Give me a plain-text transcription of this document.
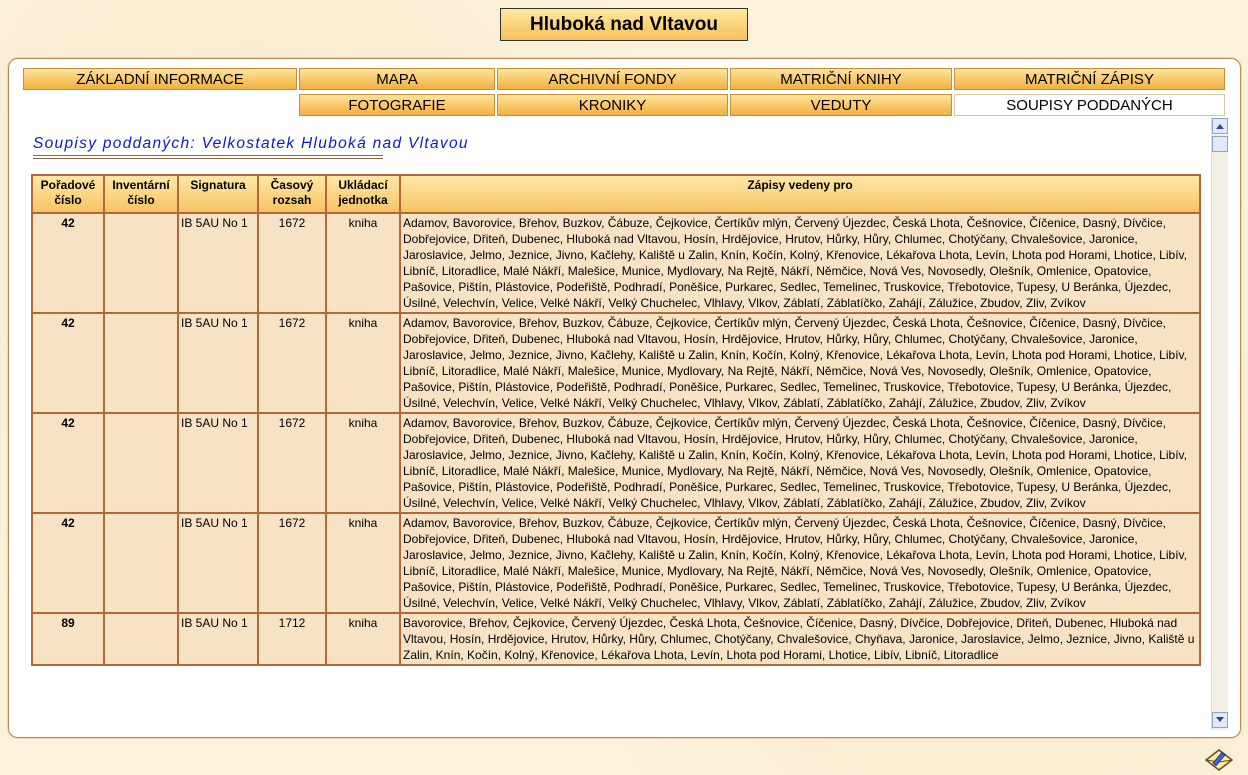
Hluboká nad Vltavou
ZÁKLADNÍ INFORMACE	MAPA	ARCHIVNÍ FONDY	MATRIČNÍ KNIHY	MATRIČNÍ ZÁPISY
FOTOGRAFIE	KRONIKY	VEDUTY	SOUPISY PODDANÝCH
Soupisy poddaných: Velkostatek Hluboká nad Vltavou
Pořadové číslo	Inventární číslo	Signatura	Časový rozsah	Ukládací jednotka	Zápisy vedeny pro
42		IB 5AU No 1	1672	kniha	Adamov, Bavorovice, Břehov, Buzkov, Čábuze, Čejkovice, Čertíkův mlýn, Červený Újezdec, Česká Lhota, Češnovice, Číčenice, Dasný, Dívčice, Dobřejovice, Dřiteň, Dubenec, Hluboká nad Vltavou, Hosín, Hrdějovice, Hrutov, Hůrky, Hůry, Chlumec, Chotýčany, Chvalešovice, Jaronice, Jaroslavice, Jelmo, Jeznice, Jivno, Kačlehy, Kaliště u Zalin, Knín, Kočín, Kolný, Křenovice, Lékařova Lhota, Levín, Lhota pod Horami, Lhotice, Libív, Libníč, Litoradlice, Malé Nákří, Malešice, Munice, Mydlovary, Na Rejtě, Nákří, Němčice, Nová Ves, Novosedly, Olešník, Omlenice, Opatovice, Pašovice, Pištín, Plástovice, Podeřiště, Podhradí, Poněšice, Purkarec, Sedlec, Temelinec, Truskovice, Třebotovice, Tupesy, U Beránka, Újezdec, Úsilné, Velechvín, Velice, Velké Nákří, Velký Chuchelec, Vlhlavy, Vlkov, Záblatí, Záblatíčko, Zahájí, Zálužice, Zbudov, Zliv, Zvíkov
42		IB 5AU No 1	1672	kniha	Adamov, Bavorovice, Břehov, Buzkov, Čábuze, Čejkovice, Čertíkův mlýn, Červený Újezdec, Česká Lhota, Češnovice, Číčenice, Dasný, Dívčice, Dobřejovice, Dřiteň, Dubenec, Hluboká nad Vltavou, Hosín, Hrdějovice, Hrutov, Hůrky, Hůry, Chlumec, Chotýčany, Chvalešovice, Jaronice, Jaroslavice, Jelmo, Jeznice, Jivno, Kačlehy, Kaliště u Zalin, Knín, Kočín, Kolný, Křenovice, Lékařova Lhota, Levín, Lhota pod Horami, Lhotice, Libív, Libníč, Litoradlice, Malé Nákří, Malešice, Munice, Mydlovary, Na Rejtě, Nákří, Němčice, Nová Ves, Novosedly, Olešník, Omlenice, Opatovice, Pašovice, Pištín, Plástovice, Podeřiště, Podhradí, Poněšice, Purkarec, Sedlec, Temelinec, Truskovice, Třebotovice, Tupesy, U Beránka, Újezdec, Úsilné, Velechvín, Velice, Velké Nákří, Velký Chuchelec, Vlhlavy, Vlkov, Záblatí, Záblatíčko, Zahájí, Zálužice, Zbudov, Zliv, Zvíkov
42		IB 5AU No 1	1672	kniha	Adamov, Bavorovice, Břehov, Buzkov, Čábuze, Čejkovice, Čertíkův mlýn, Červený Újezdec, Česká Lhota, Češnovice, Číčenice, Dasný, Dívčice, Dobřejovice, Dřiteň, Dubenec, Hluboká nad Vltavou, Hosín, Hrdějovice, Hrutov, Hůrky, Hůry, Chlumec, Chotýčany, Chvalešovice, Jaronice, Jaroslavice, Jelmo, Jeznice, Jivno, Kačlehy, Kaliště u Zalin, Knín, Kočín, Kolný, Křenovice, Lékařova Lhota, Levín, Lhota pod Horami, Lhotice, Libív, Libníč, Litoradlice, Malé Nákří, Malešice, Munice, Mydlovary, Na Rejtě, Nákří, Němčice, Nová Ves, Novosedly, Olešník, Omlenice, Opatovice, Pašovice, Pištín, Plástovice, Podeřiště, Podhradí, Poněšice, Purkarec, Sedlec, Temelinec, Truskovice, Třebotovice, Tupesy, U Beránka, Újezdec, Úsilné, Velechvín, Velice, Velké Nákří, Velký Chuchelec, Vlhlavy, Vlkov, Záblatí, Záblatíčko, Zahájí, Zálužice, Zbudov, Zliv, Zvíkov
42		IB 5AU No 1	1672	kniha	Adamov, Bavorovice, Břehov, Buzkov, Čábuze, Čejkovice, Čertíkův mlýn, Červený Újezdec, Česká Lhota, Češnovice, Číčenice, Dasný, Dívčice, Dobřejovice, Dřiteň, Dubenec, Hluboká nad Vltavou, Hosín, Hrdějovice, Hrutov, Hůrky, Hůry, Chlumec, Chotýčany, Chvalešovice, Jaronice, Jaroslavice, Jelmo, Jeznice, Jivno, Kačlehy, Kaliště u Zalin, Knín, Kočín, Kolný, Křenovice, Lékařova Lhota, Levín, Lhota pod Horami, Lhotice, Libív, Libníč, Litoradlice, Malé Nákří, Malešice, Munice, Mydlovary, Na Rejtě, Nákří, Němčice, Nová Ves, Novosedly, Olešník, Omlenice, Opatovice, Pašovice, Pištín, Plástovice, Podeřiště, Podhradí, Poněšice, Purkarec, Sedlec, Temelinec, Truskovice, Třebotovice, Tupesy, U Beránka, Újezdec, Úsilné, Velechvín, Velice, Velké Nákří, Velký Chuchelec, Vlhlavy, Vlkov, Záblatí, Záblatíčko, Zahájí, Zálužice, Zbudov, Zliv, Zvíkov
89		IB 5AU No 1	1712	kniha	Bavorovice, Břehov, Čejkovice, Červený Újezdec, Česká Lhota, Češnovice, Číčenice, Dasný, Dívčice, Dobřejovice, Dřiteň, Dubenec, Hluboká nad Vltavou, Hosín, Hrdějovice, Hrutov, Hůrky, Hůry, Chlumec, Chotýčany, Chvalešovice, Chyňava, Jaronice, Jaroslavice, Jelmo, Jeznice, Jivno, Kaliště u Zalin, Knín, Kočín, Kolný, Křenovice, Lékařova Lhota, Levín, Lhota pod Horami, Lhotice, Libív, Libníč, Litoradlice
